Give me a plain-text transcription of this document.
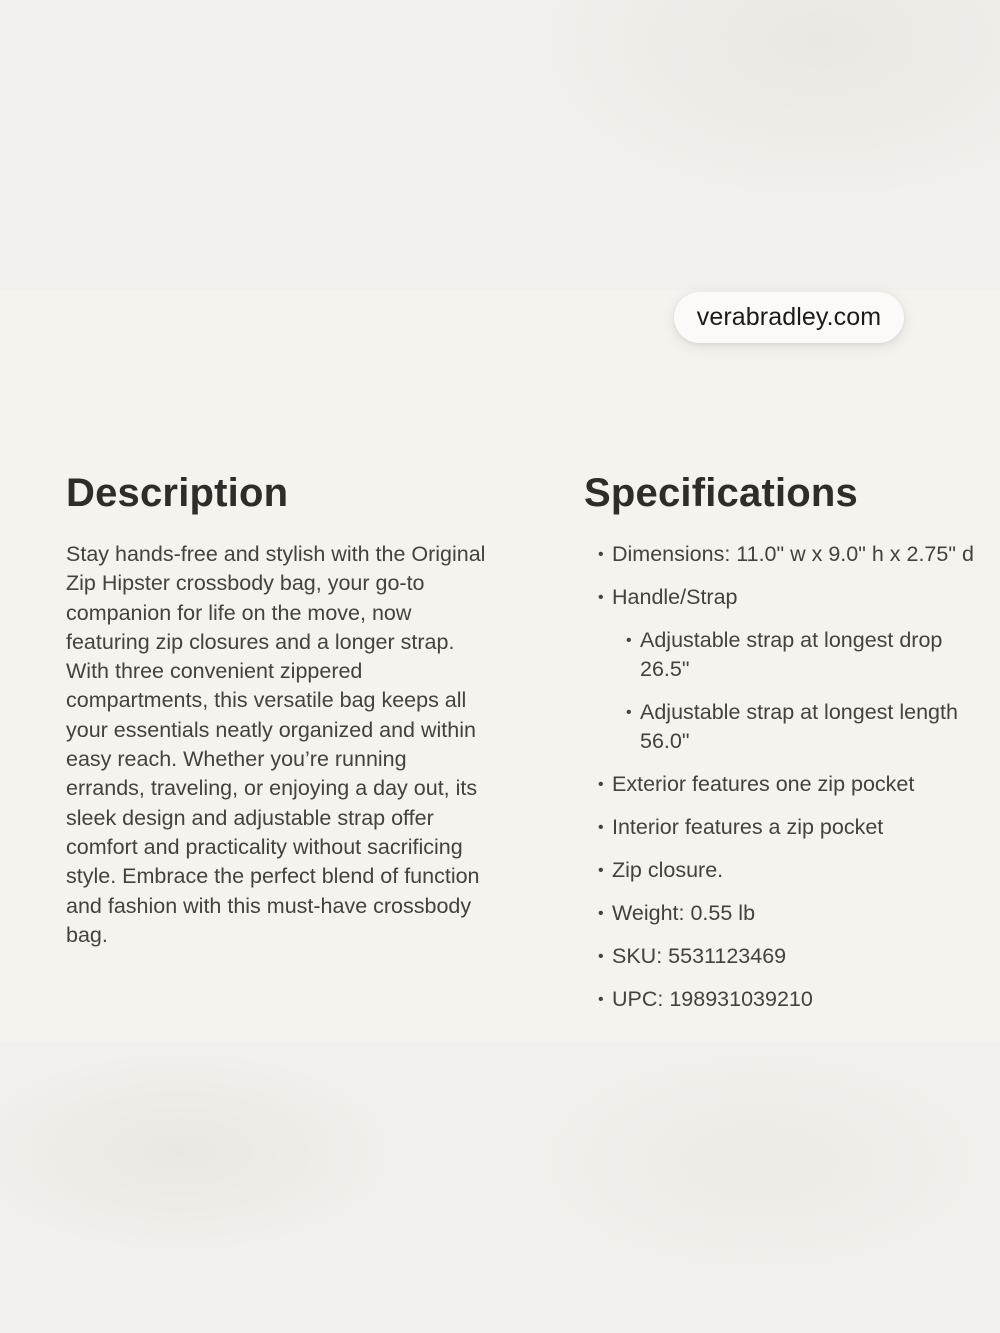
verabradley.com
Description

Stay hands-free and stylish with the Original Zip Hipster crossbody bag, your go-to companion for life on the move, now featuring zip closures and a longer strap. With three convenient zippered compartments, this versatile bag keeps all your essentials neatly organized and within easy reach. Whether you’re running errands, traveling, or enjoying a day out, its sleek design and adjustable strap offer comfort and practicality without sacrificing style. Embrace the perfect blend of function and fashion with this must-have crossbody bag.

Specifications
• Dimensions: 11.0" w x 9.0" h x 2.75" d
• Handle/Strap
• Adjustable strap at longest drop 26.5"
• Adjustable strap at longest length 56.0"
• Exterior features one zip pocket
• Interior features a zip pocket
• Zip closure.
• Weight: 0.55 lb
• SKU: 5531123469
• UPC: 198931039210
